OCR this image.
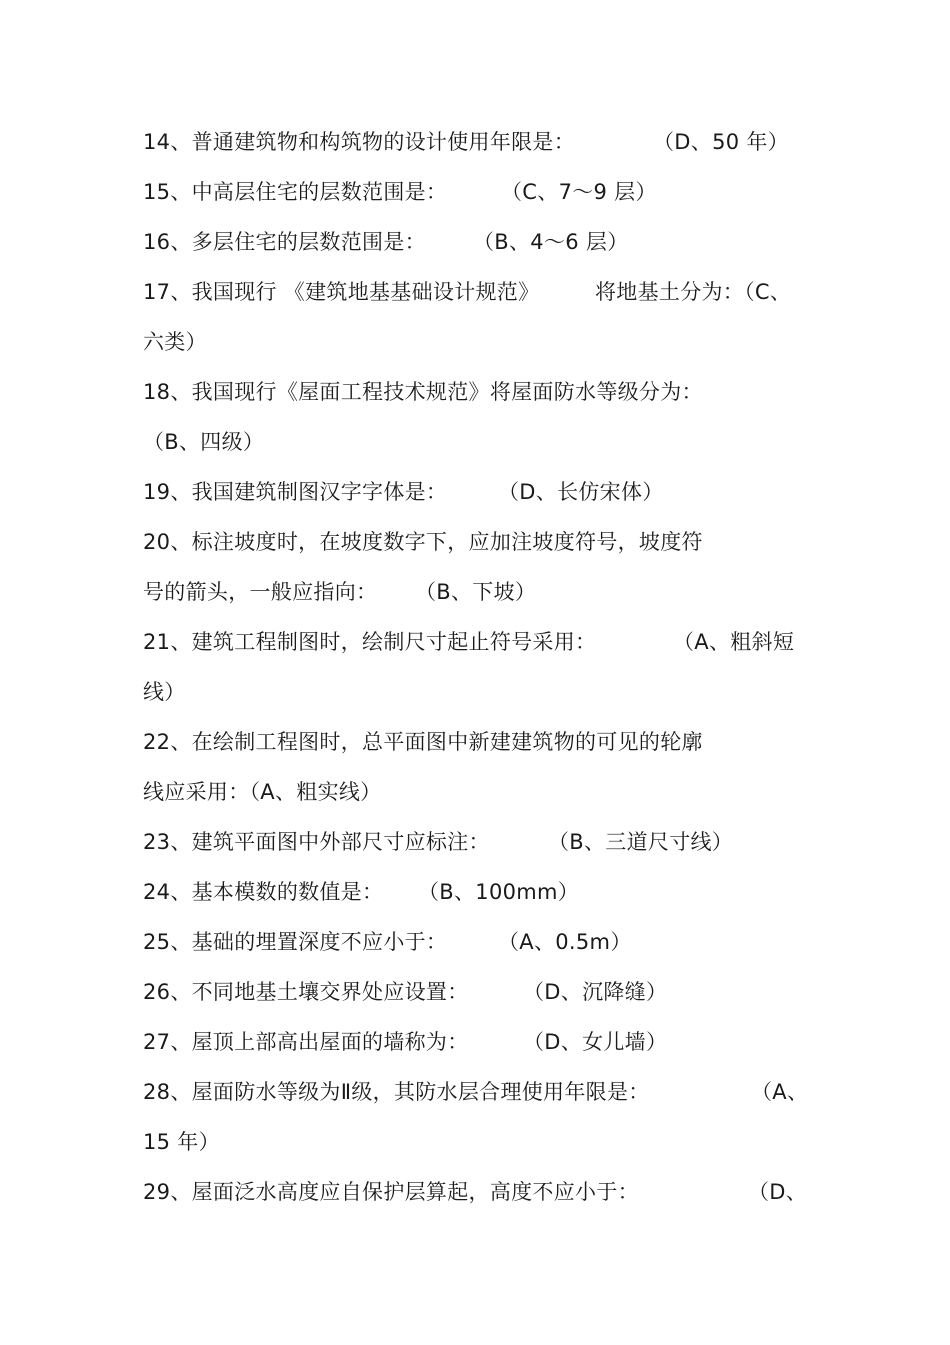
14、普通建筑物和构筑物的设计使用年限是：	（D、50 年）
15、中高层住宅的层数范围是：	（C、7～9 层）
16、多层住宅的层数范围是： （B、4～6 层）
17、我国现行 《建筑地基基础设计规范》	将地基土分为：（C、
六类）
18、我国现行《屋面工程技术规范》将屋面防水等级分为：
（B、四级）
19、我国建筑制图汉字字体是： （D、长仿宋体）
20、标注坡度时，在坡度数字下，应加注坡度符号，坡度符
号的箭头，一般应指向： （B、下坡）
21、建筑工程制图时，绘制尺寸起止符号采用：	（A、粗斜短
线）
22、在绘制工程图时，总平面图中新建建筑物的可见的轮廓
线应采用：（A、粗实线）
23、建筑平面图中外部尺寸应标注：	（B、三道尺寸线）
24、基本模数的数值是： （B、100mm）
25、基础的埋置深度不应小于： （A、0.5m）
26、不同地基土壤交界处应设置：	（D、沉降缝）
27、屋顶上部高出屋面的墙称为：	（D、女儿墙）
28、屋面防水等级为Ⅱ级，其防水层合理使用年限是：	（A、
15 年）
29、屋面泛水高度应自保护层算起，高度不应小于：	（D、
